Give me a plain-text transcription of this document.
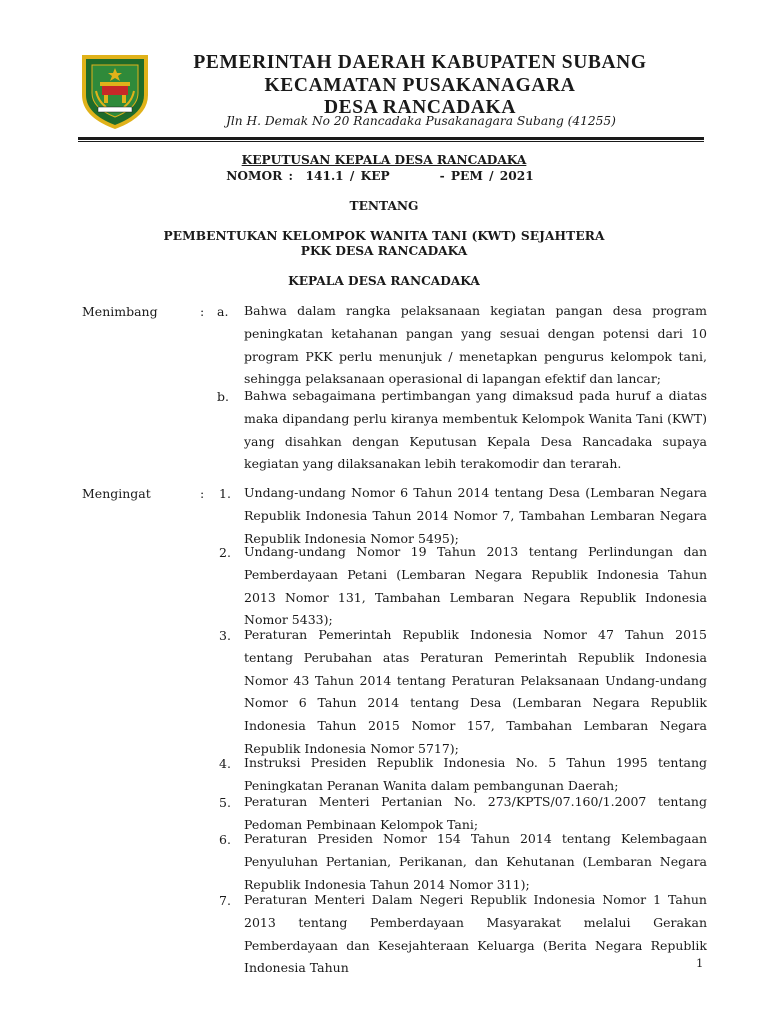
PEMERINTAH DAERAH KABUPATEN SUBANG
KECAMATAN PUSAKANAGARA
DESA RANCADAKA
Jln H. Demak No 20 Rancadaka Pusakanagara Subang (41255)
KEPUTUSAN KEPALA DESA RANCADAKA
NOMOR :  141.1 / KEP        - PEM / 2021
TENTANG
PEMBENTUKAN KELOMPOK WANITA TANI (KWT) SEJAHTERA
PKK DESA RANCADAKA
KEPALA DESA RANCADAKA
Menimbang	: a. Bahwa dalam rangka pelaksanaan kegiatan pangan desa program peningkatan ketahanan pangan yang sesuai dengan potensi dari 10 program PKK perlu menunjuk / menetapkan pengurus kelompok tani, sehingga pelaksanaan operasional di lapangan efektif dan lancar;
b. Bahwa sebagaimana pertimbangan yang dimaksud pada huruf a diatas maka dipandang perlu kiranya membentuk Kelompok Wanita Tani (KWT) yang disahkan dengan Keputusan Kepala Desa Rancadaka supaya kegiatan yang dilaksanakan lebih terakomodir dan terarah.
Mengingat	: 1. Undang-undang Nomor 6 Tahun 2014 tentang Desa (Lembaran Negara Republik Indonesia Tahun 2014 Nomor 7, Tambahan Lembaran Negara Republik Indonesia Nomor 5495);
2. Undang-undang Nomor 19 Tahun 2013 tentang Perlindungan dan Pemberdayaan Petani (Lembaran Negara Republik Indonesia Tahun 2013 Nomor 131, Tambahan Lembaran Negara Republik Indonesia Nomor 5433);
3. Peraturan Pemerintah Republik Indonesia Nomor 47 Tahun 2015 tentang Perubahan atas Peraturan Pemerintah Republik Indonesia Nomor 43 Tahun 2014 tentang Peraturan Pelaksanaan Undang-undang Nomor 6 Tahun 2014 tentang Desa (Lembaran Negara Republik Indonesia Tahun 2015 Nomor 157, Tambahan Lembaran Negara Republik Indonesia Nomor 5717);
4. Instruksi Presiden Republik Indonesia No. 5 Tahun 1995 tentang Peningkatan Peranan Wanita dalam pembangunan Daerah;
5. Peraturan Menteri Pertanian No. 273/KPTS/07.160/1.2007 tentang Pedoman Pembinaan Kelompok Tani;
6. Peraturan Presiden Nomor 154 Tahun 2014 tentang Kelembagaan Penyuluhan Pertanian, Perikanan, dan Kehutanan (Lembaran Negara Republik Indonesia Tahun 2014 Nomor 311);
7. Peraturan Menteri Dalam Negeri Republik Indonesia Nomor 1 Tahun 2013 tentang Pemberdayaan Masyarakat melalui Gerakan Pemberdayaan dan Kesejahteraan Keluarga (Berita Negara Republik Indonesia Tahun	1
